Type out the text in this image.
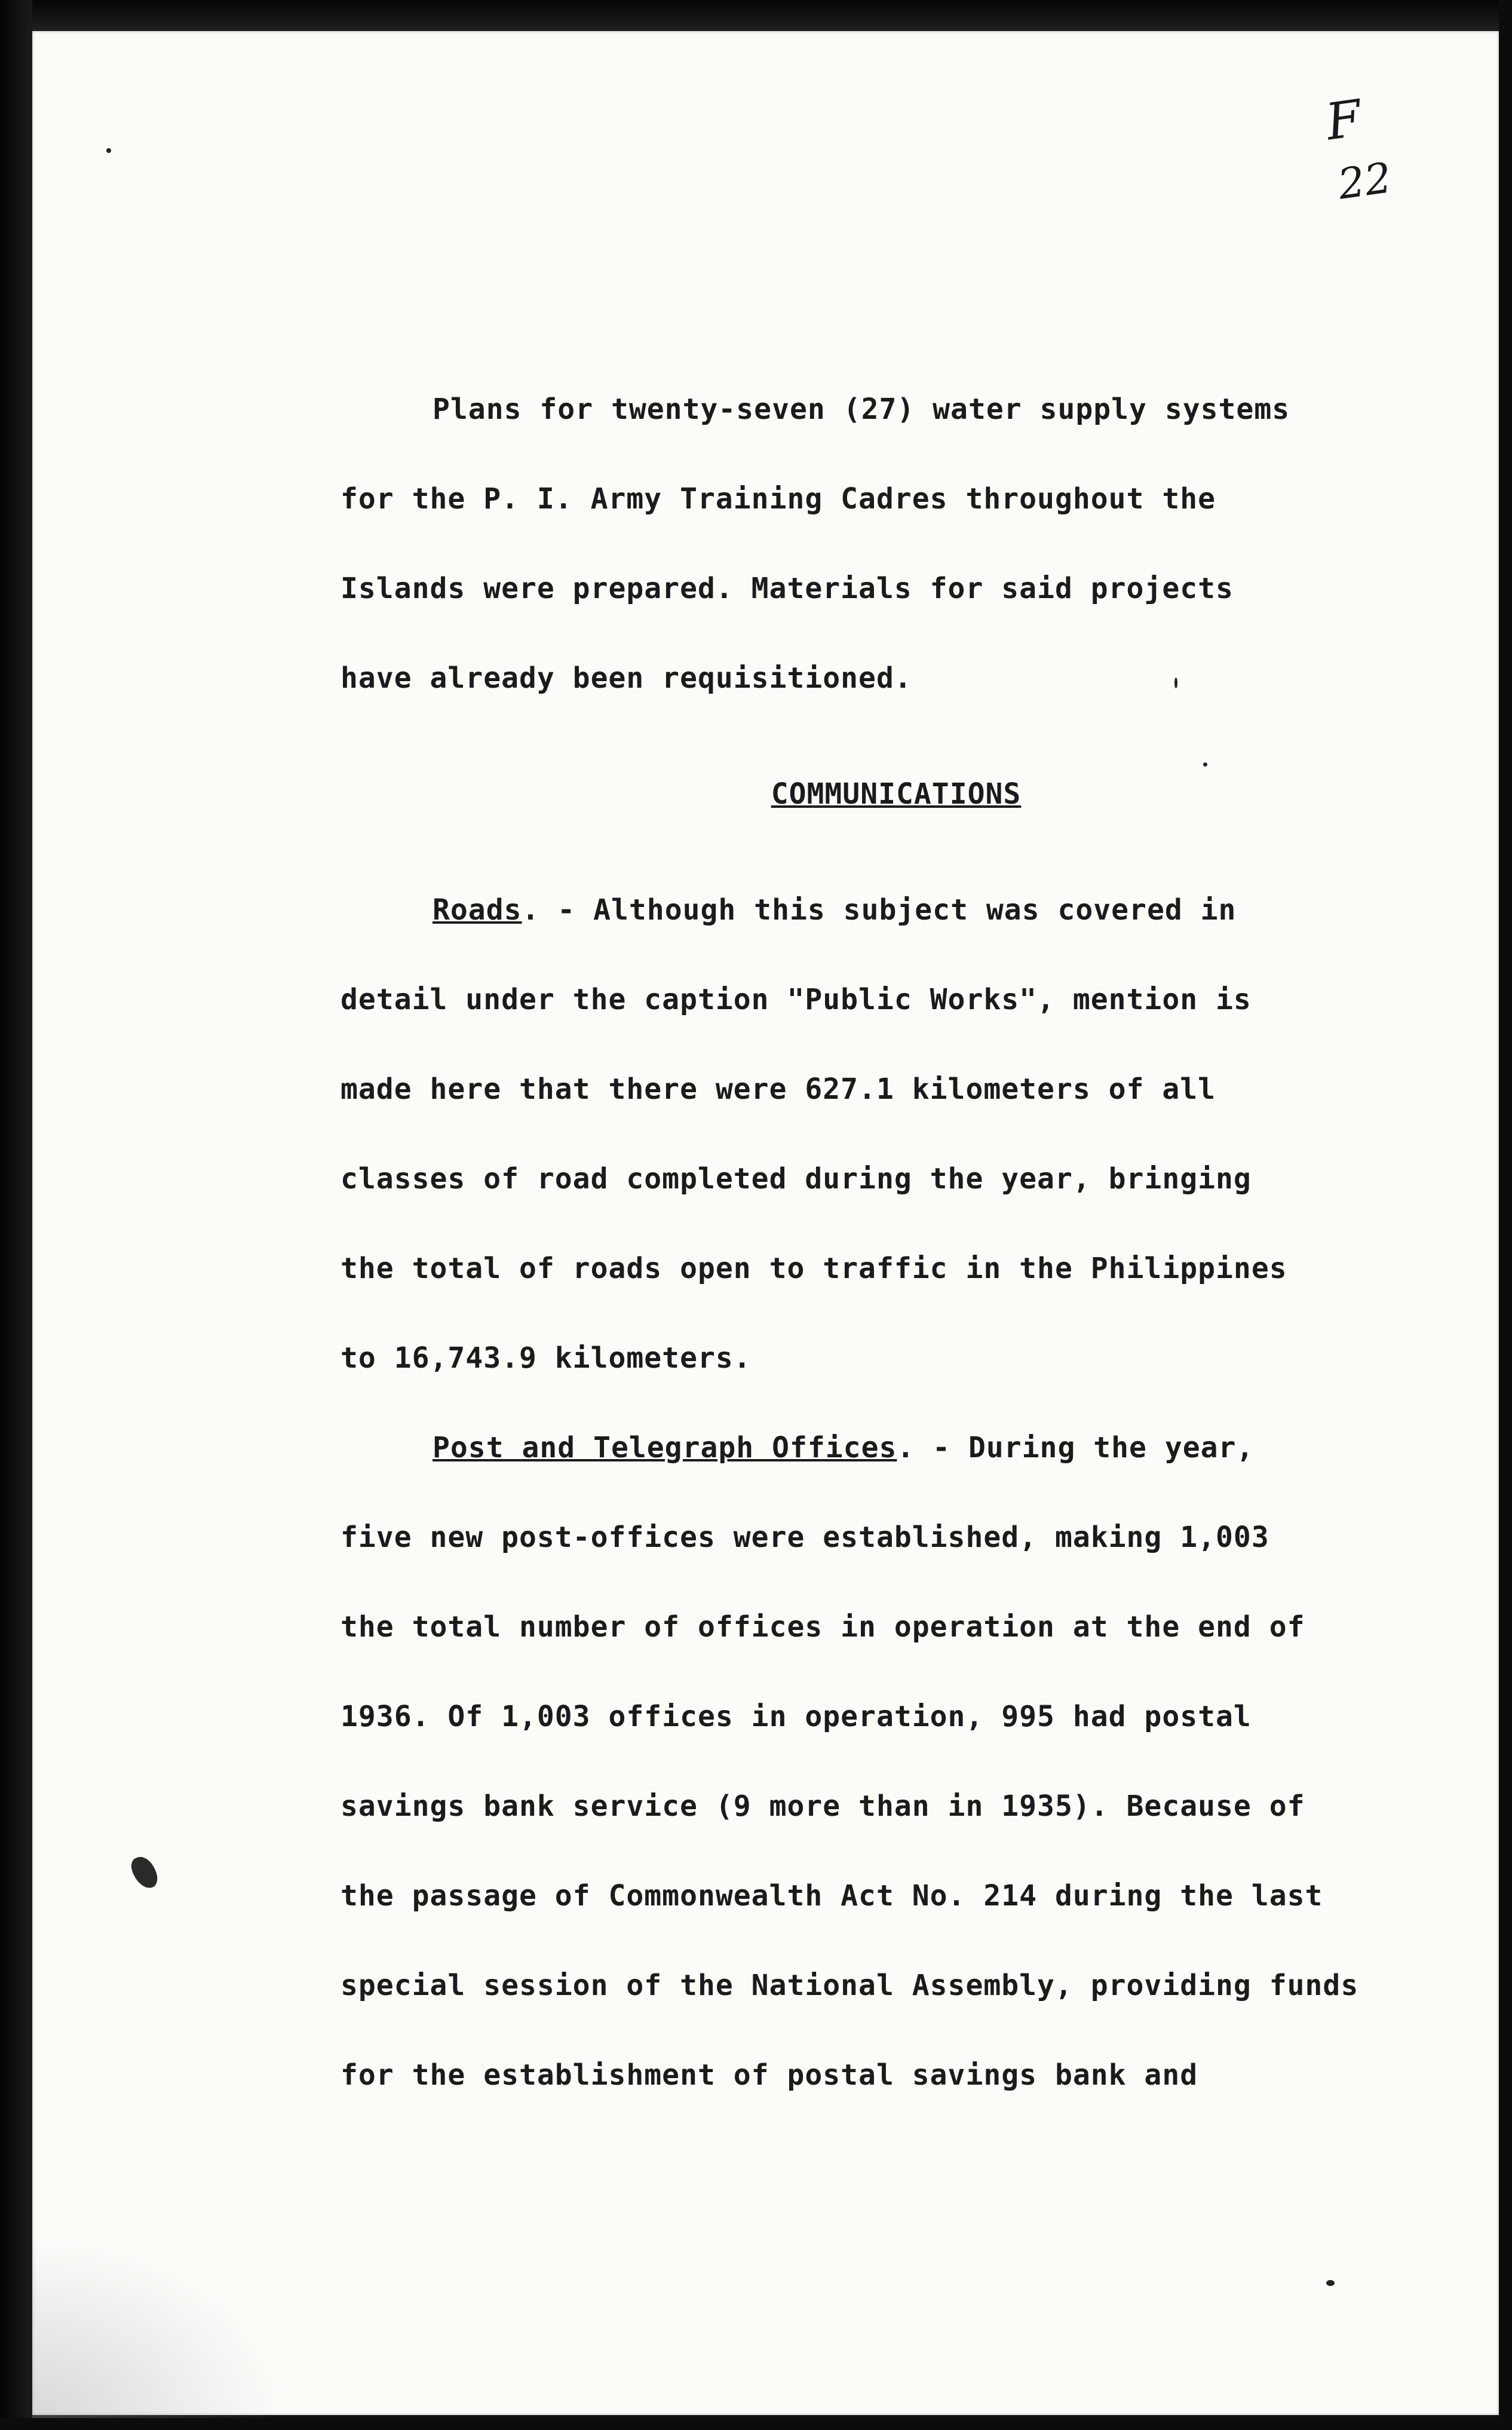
F
22
Plans for twenty-seven (27) water supply systems
for the P. I. Army Training Cadres throughout the
Islands were prepared. Materials for said projects
have already been requisitioned.
COMMUNICATIONS
Roads. - Although this subject was covered in
detail under the caption "Public Works", mention is
made here that there were 627.1 kilometers of all
classes of road completed during the year, bringing
the total of roads open to traffic in the Philippines
to 16,743.9 kilometers.
Post and Telegraph Offices. - During the year,
five new post-offices were established, making 1,003
the total number of offices in operation at the end of
1936. Of 1,003 offices in operation, 995 had postal
savings bank service (9 more than in 1935). Because of
the passage of Commonwealth Act No. 214 during the last
special session of the National Assembly, providing funds
for the establishment of postal savings bank and
